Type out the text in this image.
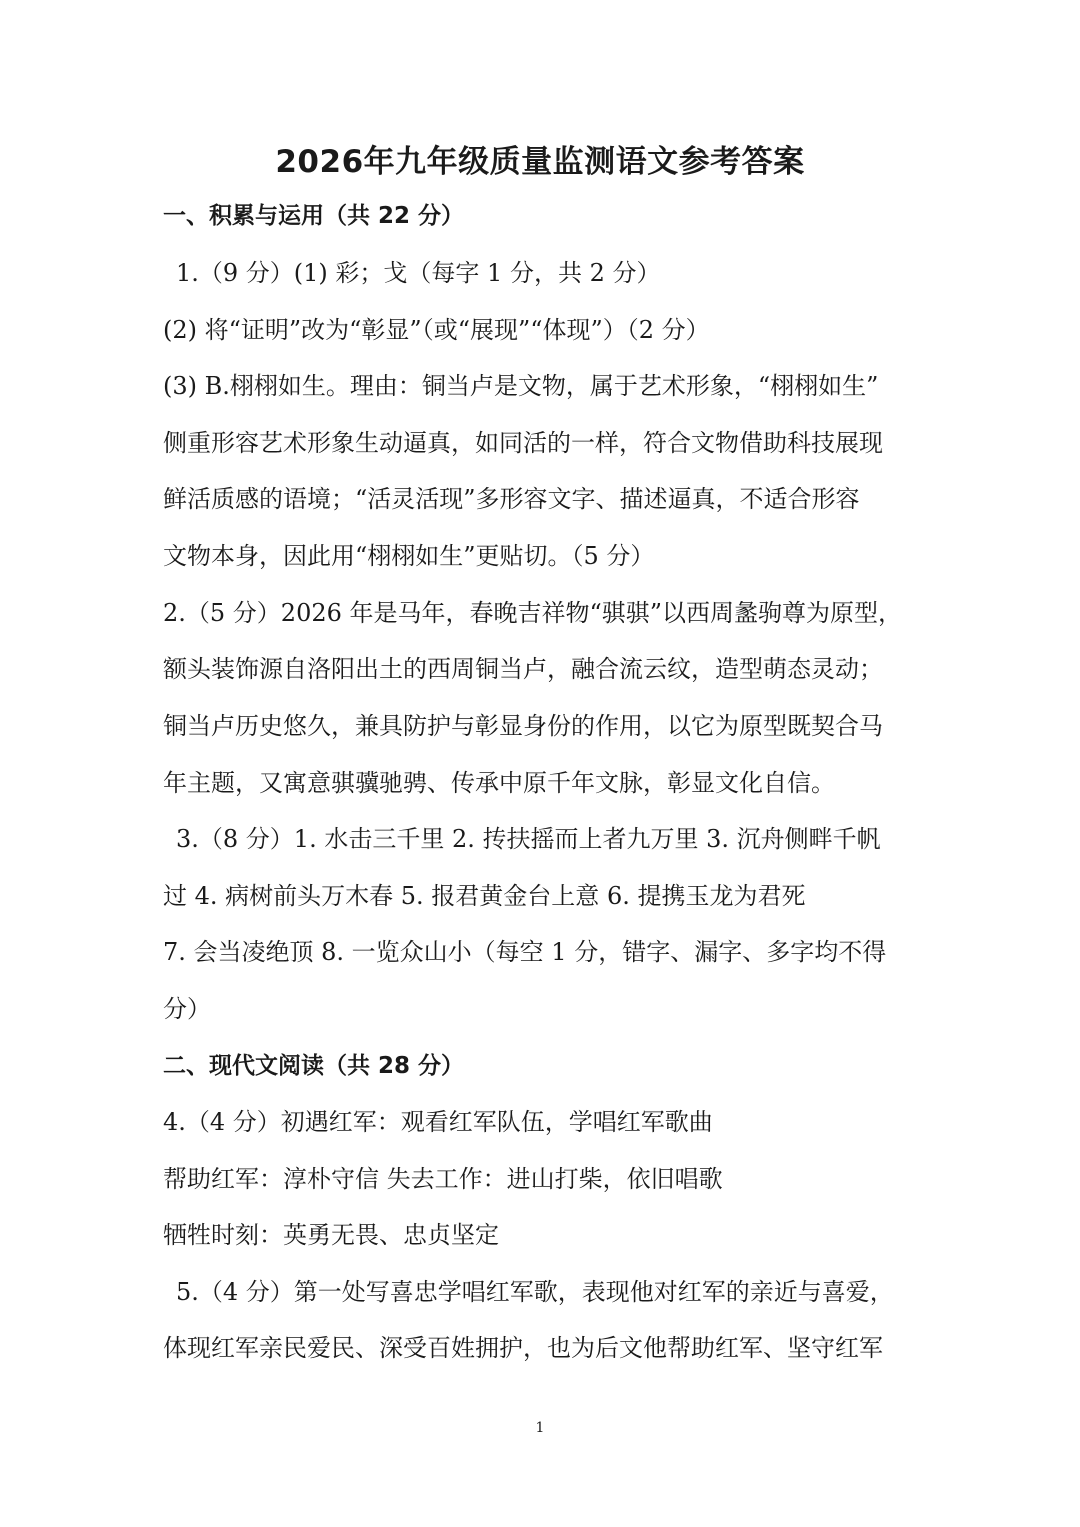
2026年九年级质量监测语文参考答案
一、积累与运用（共 22 分）
1.（9 分）(1) 彩；戈（每字 1 分，共 2 分）
(2) 将“证明”改为“彰显”（或“展现”“体现”）（2 分）
(3) B.栩栩如生。理由：铜当卢是文物，属于艺术形象，“栩栩如生”
侧重形容艺术形象生动逼真，如同活的一样，符合文物借助科技展现
鲜活质感的语境；“活灵活现”多形容文字、描述逼真，不适合形容
文物本身，因此用“栩栩如生”更贴切。（5 分）
2.（5 分）2026 年是马年，春晚吉祥物“骐骐”以西周盠驹尊为原型，
额头装饰源自洛阳出土的西周铜当卢，融合流云纹，造型萌态灵动；
铜当卢历史悠久，兼具防护与彰显身份的作用，以它为原型既契合马
年主题，又寓意骐骥驰骋、传承中原千年文脉，彰显文化自信。
3.（8 分）1. 水击三千里 2. 抟扶摇而上者九万里 3. 沉舟侧畔千帆
过 4. 病树前头万木春 5. 报君黄金台上意 6. 提携玉龙为君死
7. 会当凌绝顶 8. 一览众山小（每空 1 分，错字、漏字、多字均不得
分）
二、现代文阅读（共 28 分）
4.（4 分）初遇红军：观看红军队伍，学唱红军歌曲
帮助红军：淳朴守信 失去工作：进山打柴，依旧唱歌
牺牲时刻：英勇无畏、忠贞坚定
5.（4 分）第一处写喜忠学唱红军歌，表现他对红军的亲近与喜爱，
体现红军亲民爱民、深受百姓拥护，也为后文他帮助红军、坚守红军
1
